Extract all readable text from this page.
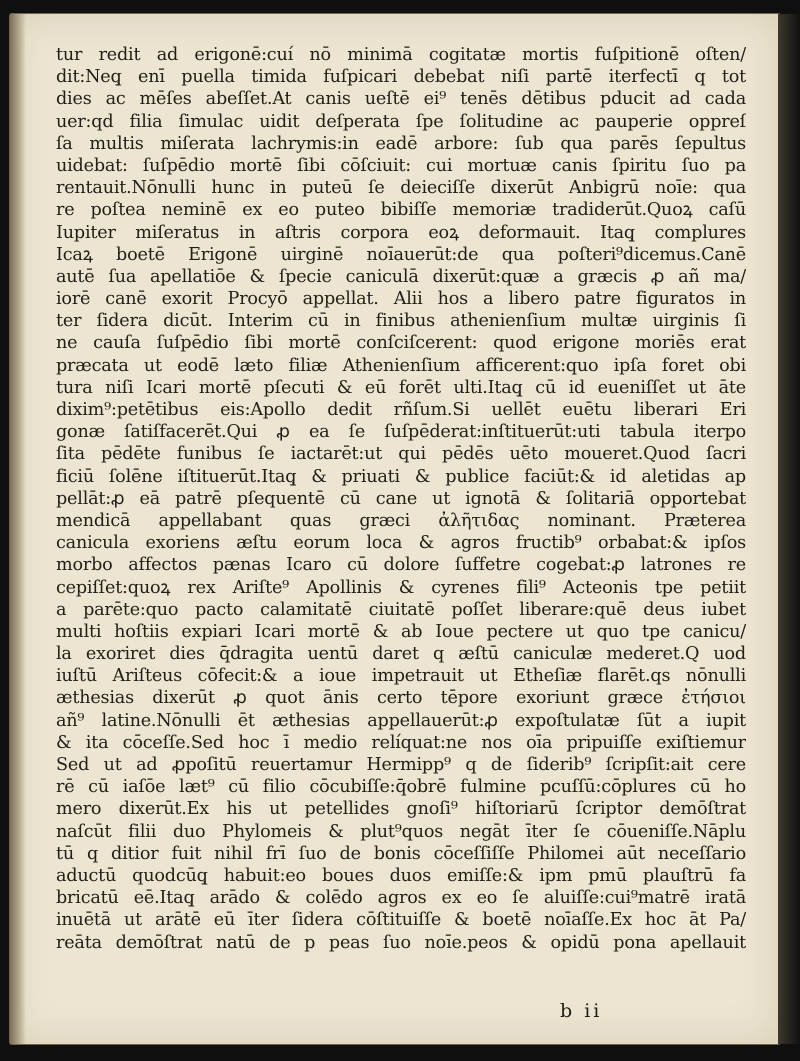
tur redit ad erigonē:cuí nō minimā cogitatæ mortis fuſpitionē oſten/
dit:Neq̧ enī puella timida fuſpicari debebat niſi partē iterfectī q tot
dies ac mēſes abeſſet.At canis ueſtē ei⁹ tenēs dētibus pducit ad cada
uer:qd filia ſimulac uidit deſperata ſpe ſolitudine ac pauperie oppreſ
ſa multis miſerata lachrymis:in eadē arbore: ſub qua parēs ſepultus
uidebat: ſuſpēdio mortē ſibi cōſciuit: cui mortuæ canis ſpiritu ſuo pa
rentauit.Nōnulli hunc in puteū ſe deieciſſe dixerūt Anbigrū noīe: qua
re poſtea neminē ex eo puteo bibiſſe memoriæ tradiderūt.Quoꝝ caſū
Iupiter miſeratus in aſtris corpora eoꝝ deformauit. Itaq̧ complures
Icaꝝ boetē Erigonē uirginē noīauerūt:de qua poſteri⁹dicemus.Canē
autē ſua apellatiōe & ſpecie caniculā dixerūt:quæ a græcis ꝓ añ ma/
iorē canē exorit̄ Procyō appellat̄. Alii hos a libero patre figuratos in
ter ſidera dicūt. Interim cū in finibus athenienſium multæ uirginis ſi
ne cauſa ſuſpēdio ſibi mortē conſciſcerent: quod erigone moriēs erat
præcata ut eodē læto filiæ Athenienſium afficerent̄:quo ipſa foret obi
tura niſi Icari mortē pſecuti & eū forēt ulti.Itaq̧ cū id eueniſſet ut āte
dixim⁹:petētibus eis:Apollo dedit rñſum.Si uellēt euētu liberari Eri
gonæ ſatiſfacerēt.Qui ꝓ ea ſe ſuſpēderat:inſtituerūt:uti tabula iterpo
ſita pēdēte funibus ſe iactarēt:ut qui pēdēs uēto moueret̄.Quod ſacri
ficiū ſolēne iſtituerūt.Itaq̧ & priuati & publice faciūt:& id aletidas ap
pellāt:ꝓ eā patrē pſequentē cū cane ut ignotā & ſolitariā opportebat
mendicā appellabant quas græci ἀλῆτιδας nominant. Præterea
canicula exoriens æſtu eorum loca & agros fructib⁹ orbabat:& ipſos
morbo affectos pænas Icaro cū dolore ſuffetre cogebat:ꝓ latrones re
cepiſſet:quoꝝ rex Ariſte⁹ Apollinis & cyrenes fili⁹ Acteonis tpe petiit
a parēte:quo pacto calamitatē ciuitatē poſſet liberare:quē deus iubet
multi hoſtiis expiari Icari mortē & ab Ioue pectere ut quo tpe canicu/
la exoriret̄ dies q̄dragita uentū daret q æſtū caniculæ mederet̄.Q uod
iuſtū Ariſteus cōfecit:& a ioue impetrauit ut Etheſiæ flarēt.qs nōnulli
æthesias dixerūt ꝓ quot ānis certo tēpore exoriunt̄ græce ἐτήσιοι
añ⁹ latine.Nōnulli ēt æthesias appellauerūt:ꝓ expoſtulatæ ſūt a iupit̄
& ita cōceſſe.Sed hoc ī medio relíquat̄:ne nos oīa pripuiſſe exiſtiemur
Sed ut ad ꝓpoſitū reuertamur Hermipp⁹ q de ſiderib⁹ ſcripſit:ait cere
rē cū iaſōe læt⁹ cū filio cōcubiſſe:q̄obrē fulmine pcuſſū:cōplures cū ho
mero dixerūt.Ex his ut petellides gnoſi⁹ hiſtoriarū ſcriptor demōſtrat
naſcūt filii duo Phylomeis & plut⁹quos negāt īter ſe cōueniſſe.Nāplu
tū q ditior fuit nihil frī ſuo de bonis cōceſſiſſe Philomei aūt neceſſario
aductū quodcūq̧ habuit:eo boues duos emiſſe:& ipm pmū plauſtrū fa
bricatū eē.Itaq̧ arādo & colēdo agros ex eo ſe aluiſſe:cui⁹matrē iratā
inuētā ut arātē eū īter ſidera cōſtituiſſe & boetē noīaſſe.Ex hoc āt Pa/
reāta demōſtrat natū de p peas ſuo noīe.peos & opidū pona apellauit
b ii
